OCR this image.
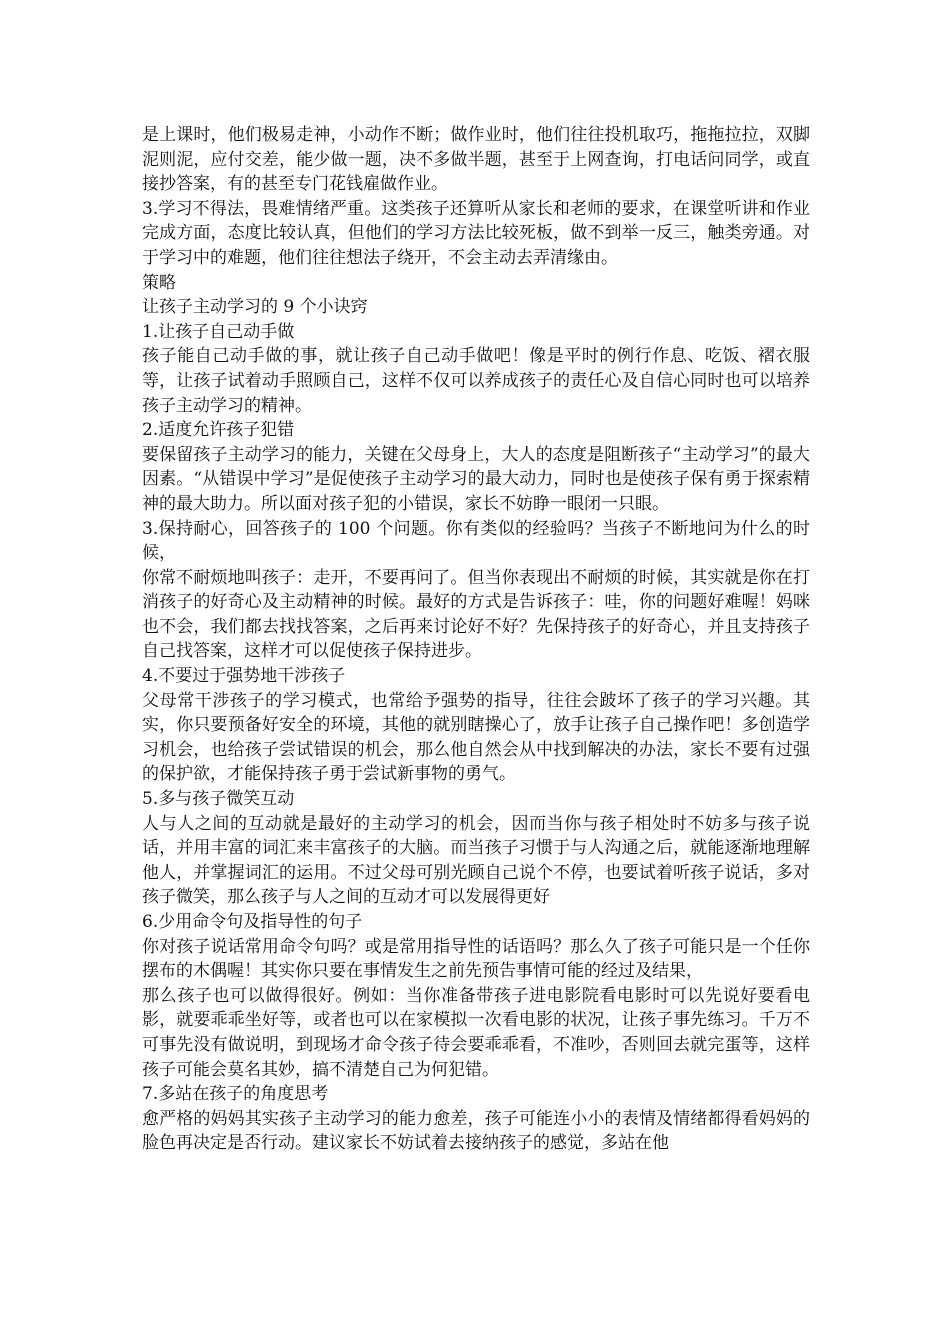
是上课时，他们极易走神，小动作不断；做作业时，他们往往投机取巧，拖拖拉拉，双脚泥则泥，应付交差，能少做一题，决不多做半题，甚至于上网查询，打电话问同学，或直接抄答案，有的甚至专门花钱雇做作业。

3.学习不得法，畏难情绪严重。这类孩子还算听从家长和老师的要求，在课堂听讲和作业完成方面，态度比较认真，但他们的学习方法比较死板，做不到举一反三，触类旁通。对于学习中的难题，他们往往想法子绕开，不会主动去弄清缘由。

策略

让孩子主动学习的 9 个小诀窍

1.让孩子自己动手做

孩子能自己动手做的事，就让孩子自己动手做吧！像是平时的例行作息、吃饭、褶衣服等，让孩子试着动手照顾自己，这样不仅可以养成孩子的责任心及自信心同时也可以培养孩子主动学习的精神。

2.适度允许孩子犯错

要保留孩子主动学习的能力，关键在父母身上，大人的态度是阻断孩子“主动学习”的最大因素。“从错误中学习”是促使孩子主动学习的最大动力，同时也是使孩子保有勇于探索精神的最大助力。所以面对孩子犯的小错误，家长不妨睁一眼闭一只眼。

3.保持耐心，回答孩子的 100 个问题。你有类似的经验吗？当孩子不断地问为什么的时候，

你常不耐烦地叫孩子：走开，不要再问了。但当你表现出不耐烦的时候，其实就是你在打消孩子的好奇心及主动精神的时候。最好的方式是告诉孩子：哇，你的问题好难喔！妈咪也不会，我们都去找找答案，之后再来讨论好不好？先保持孩子的好奇心，并且支持孩子自己找答案，这样才可以促使孩子保持进步。

4.不要过于强势地干涉孩子

父母常干涉孩子的学习模式，也常给予强势的指导，往往会跛坏了孩子的学习兴趣。其实，你只要预备好安全的环境，其他的就别瞎操心了，放手让孩子自己操作吧！多创造学习机会，也给孩子尝试错误的机会，那么他自然会从中找到解决的办法，家长不要有过强的保护欲，才能保持孩子勇于尝试新事物的勇气。

5.多与孩子微笑互动

人与人之间的互动就是最好的主动学习的机会，因而当你与孩子相处时不妨多与孩子说话，并用丰富的词汇来丰富孩子的大脑。而当孩子习惯于与人沟通之后，就能逐渐地理解他人，并掌握词汇的运用。不过父母可别光顾自己说个不停，也要试着听孩子说话，多对孩子微笑，那么孩子与人之间的互动才可以发展得更好

6.少用命令句及指导性的句子

你对孩子说话常用命令句吗？或是常用指导性的话语吗？那么久了孩子可能只是一个任你摆布的木偶喔！其实你只要在事情发生之前先预告事情可能的经过及结果，

那么孩子也可以做得很好。例如：当你准备带孩子进电影院看电影时可以先说好要看电影，就要乖乖坐好等，或者也可以在家模拟一次看电影的状况，让孩子事先练习。千万不可事先没有做说明，到现场才命令孩子待会要乖乖看，不准吵，否则回去就完蛋等，这样孩子可能会莫名其妙，搞不清楚自己为何犯错。

7.多站在孩子的角度思考

愈严格的妈妈其实孩子主动学习的能力愈差，孩子可能连小小的表情及情绪都得看妈妈的脸色再决定是否行动。建议家长不妨试着去接纳孩子的感觉，多站在他
